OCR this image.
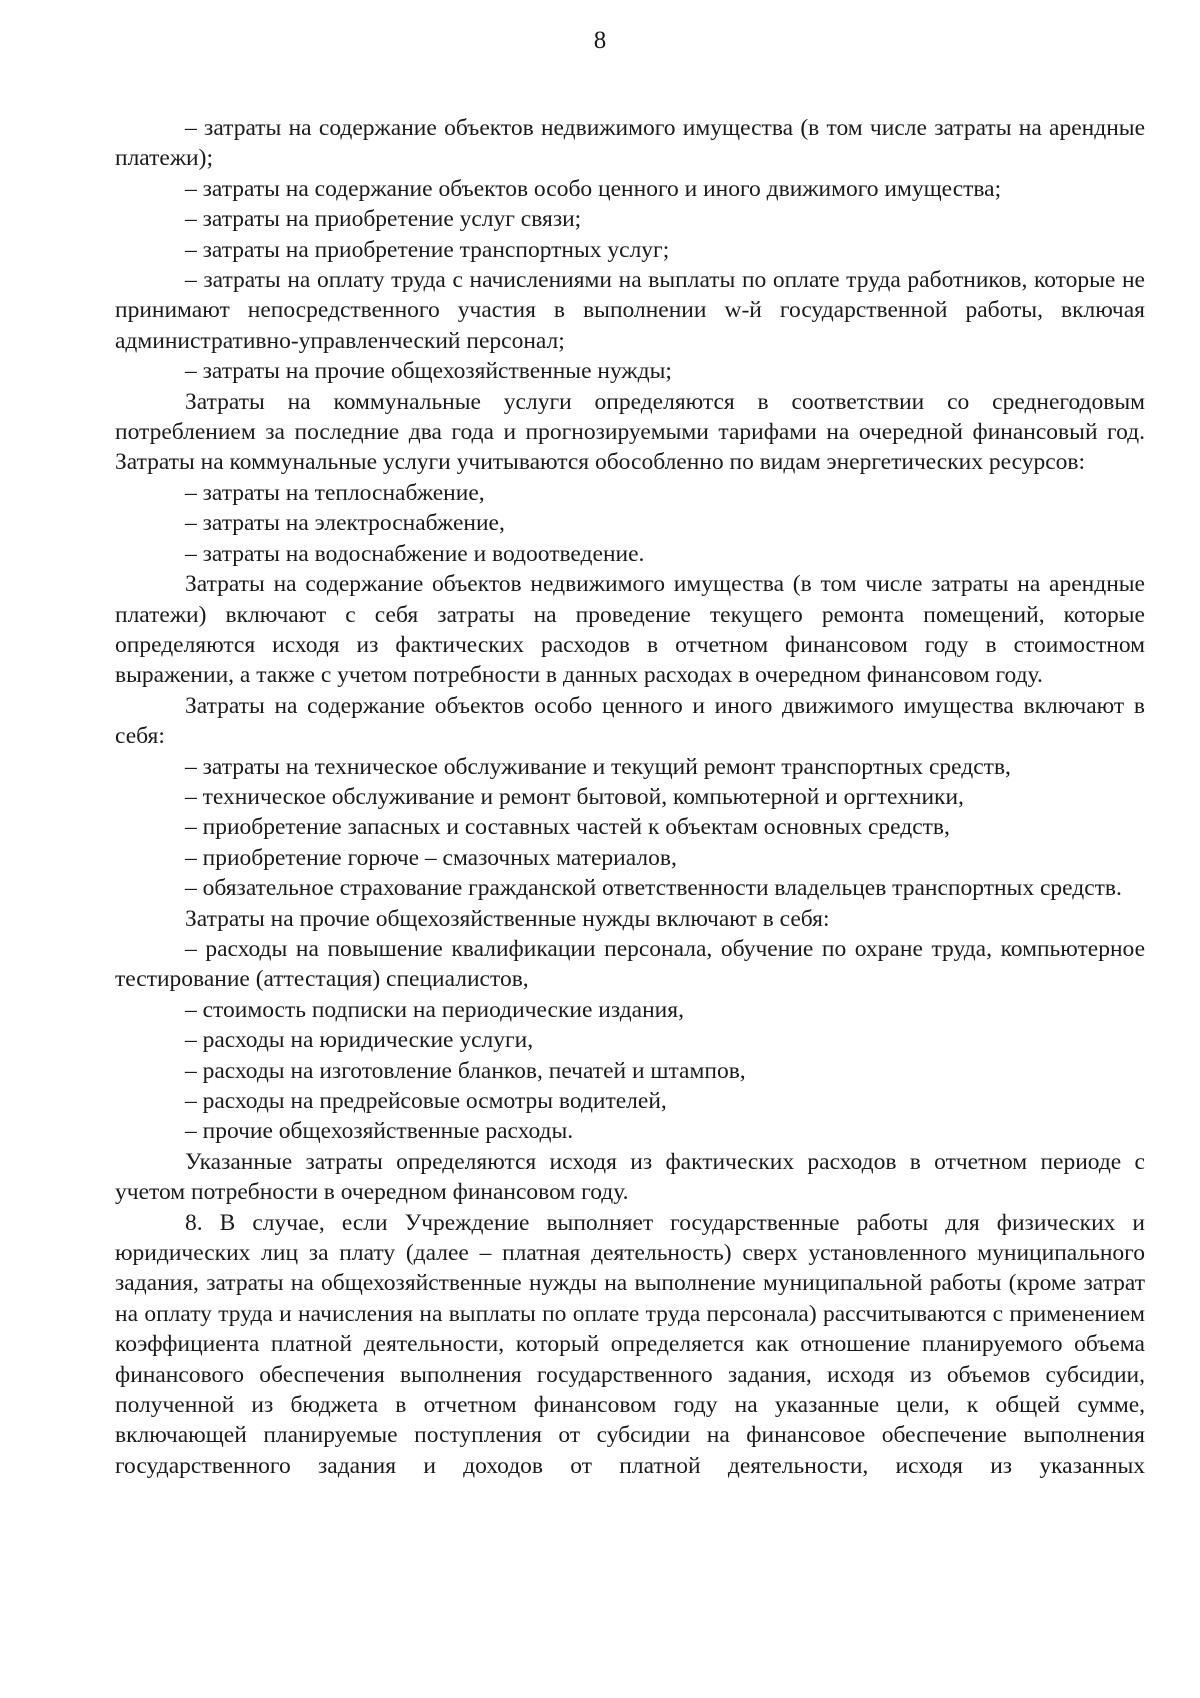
8

– затраты на содержание объектов недвижимого имущества (в том числе затраты на арендные платежи);

– затраты на содержание объектов особо ценного и иного движимого имущества;

– затраты на приобретение услуг связи;

– затраты на приобретение транспортных услуг;

– затраты на оплату труда с начислениями на выплаты по оплате труда работников, которые не принимают непосредственного участия в выполнении w-й государственной работы, включая административно-управленческий персонал;

– затраты на прочие общехозяйственные нужды;

Затраты на коммунальные услуги определяются в соответствии со среднегодовым потреблением за последние два года и прогнозируемыми тарифами на очередной финансовый год. Затраты на коммунальные услуги учитываются обособленно по видам энергетических ресурсов:

– затраты на теплоснабжение,

– затраты на электроснабжение,

– затраты на водоснабжение и водоотведение.

Затраты на содержание объектов недвижимого имущества (в том числе затраты на арендные платежи) включают с себя затраты на проведение текущего ремонта помещений, которые определяются исходя из фактических расходов в отчетном финансовом году в стоимостном выражении, а также с учетом потребности в данных расходах в очередном финансовом году.

Затраты на содержание объектов особо ценного и иного движимого имущества включают в себя:

– затраты на техническое обслуживание и текущий ремонт транспортных средств,

– техническое обслуживание и ремонт бытовой, компьютерной и оргтехники,

– приобретение запасных и составных частей к объектам основных средств,

– приобретение горюче – смазочных материалов,

– обязательное страхование гражданской ответственности владельцев транспортных средств.

Затраты на прочие общехозяйственные нужды включают в себя:

– расходы на повышение квалификации персонала, обучение по охране труда, компьютерное тестирование (аттестация) специалистов,

– стоимость подписки на периодические издания,

– расходы на юридические услуги,

– расходы на изготовление бланков, печатей и штампов,

– расходы на предрейсовые осмотры водителей,

– прочие общехозяйственные расходы.

Указанные затраты определяются исходя из фактических расходов в отчетном периоде с учетом потребности в очередном финансовом году.

8. В случае, если Учреждение выполняет государственные работы для физических и юридических лиц за плату (далее – платная деятельность) сверх установленного муниципального задания, затраты на общехозяйственные нужды на выполнение муниципальной работы (кроме затрат на оплату труда и начисления на выплаты по оплате труда персонала) рассчитываются с применением коэффициента платной деятельности, который определяется как отношение планируемого объема финансового обеспечения выполнения государственного задания, исходя из объемов субсидии, полученной из бюджета в отчетном финансовом году на указанные цели, к общей сумме, включающей планируемые поступления от субсидии на финансовое обеспечение выполнения государственного задания и доходов от платной деятельности, исходя из указанных
